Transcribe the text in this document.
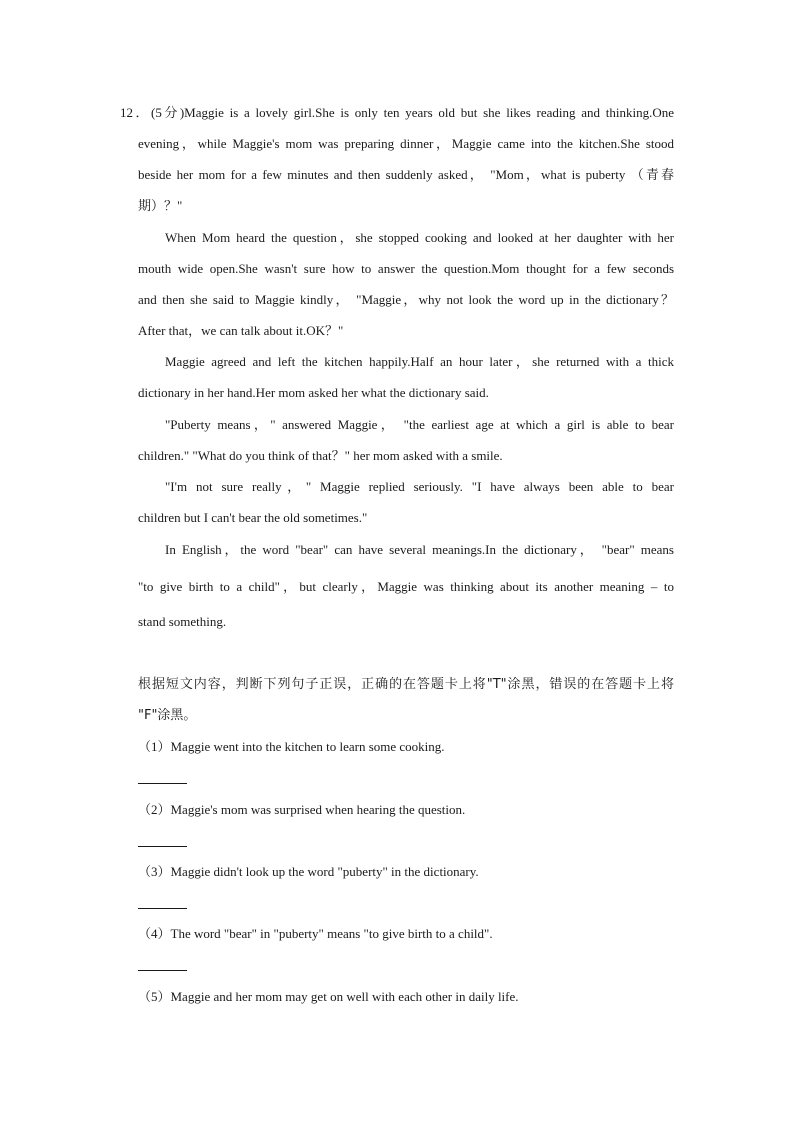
12．(5分)Maggie is a lovely girl.She is only ten years old but she likes reading and thinking.One
evening，while Maggie's mom was preparing dinner，Maggie came into the kitchen.She stood
beside her mom for a few minutes and then suddenly asked， "Mom，what is puberty （青春
期）？"
When Mom heard the question，she stopped cooking and looked at her daughter with her
mouth wide open.She wasn't sure how to answer the question.Mom thought for a few seconds
and then she said to Maggie kindly， "Maggie，why not look the word up in the dictionary？
After that，we can talk about it.OK？"
Maggie agreed and left the kitchen happily.Half an hour later，she returned with a thick
dictionary in her hand.Her mom asked her what the dictionary said.
"Puberty means，" answered Maggie， "the earliest age at which a girl is able to bear
children." "What do you think of that？" her mom asked with a smile.
"I'm not sure really，" Maggie replied seriously. "I have always been able to bear
children but I can't bear the old sometimes."
In English，the word "bear" can have several meanings.In the dictionary， "bear" means
"to give birth to a child"，but clearly，Maggie was thinking about its another meaning – to
stand something.
根据短文内容，判断下列句子正误，正确的在答题卡上将"T"涂黑，错误的在答题卡上将
"F"涂黑。
（1）Maggie went into the kitchen to learn some cooking.
（2）Maggie's mom was surprised when hearing the question.
（3）Maggie didn't look up the word "puberty" in the dictionary.
（4）The word "bear" in "puberty" means "to give birth to a child".
（5）Maggie and her mom may get on well with each other in daily life.
